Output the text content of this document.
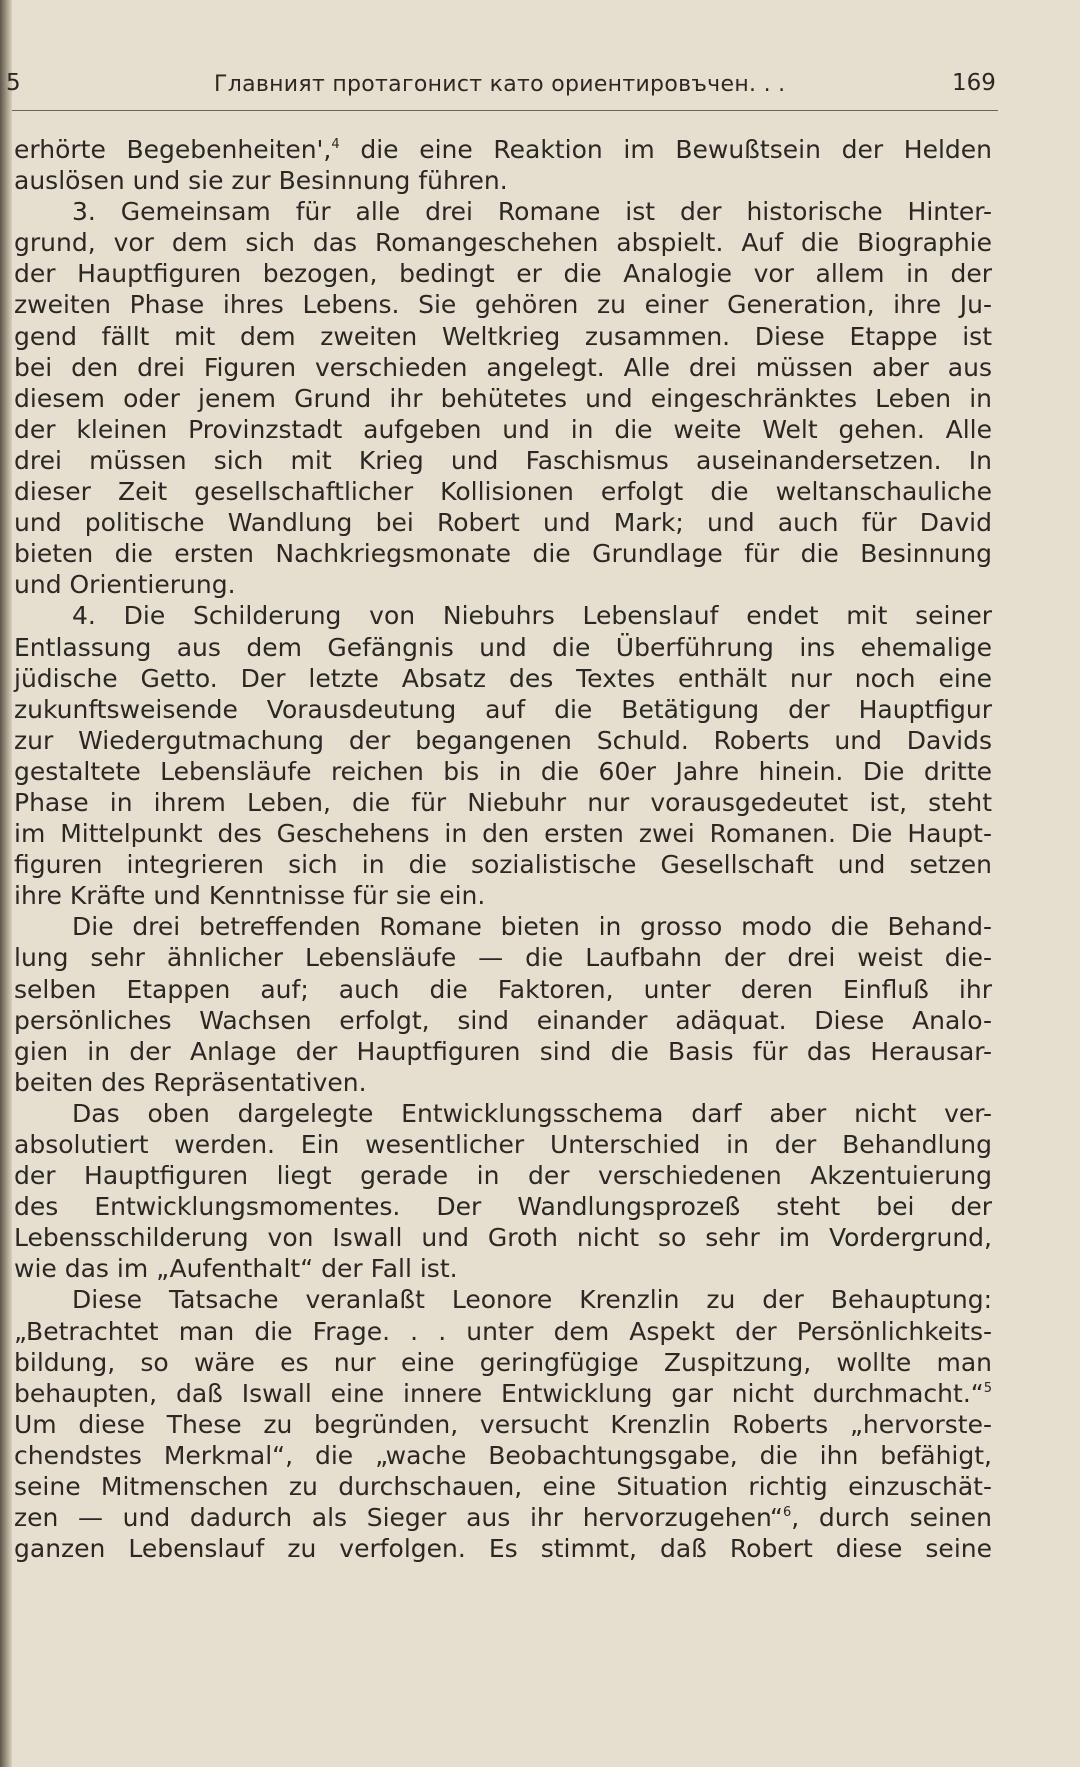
5	Главният протагонист като ориентировъчен. . .	169
erhörte Begebenheiten',$^4$ die eine Reaktion im Bewußtsein der Helden
auslösen und sie zur Besinnung führen.
3. Gemeinsam für alle drei Romane ist der historische Hinter-
grund, vor dem sich das Romangeschehen abspielt. Auf die Biographie
der Hauptfiguren bezogen, bedingt er die Analogie vor allem in der
zweiten Phase ihres Lebens. Sie gehören zu einer Generation, ihre Ju-
gend fällt mit dem zweiten Weltkrieg zusammen. Diese Etappe ist
bei den drei Figuren verschieden angelegt. Alle drei müssen aber aus
diesem oder jenem Grund ihr behütetes und eingeschränktes Leben in
der kleinen Provinzstadt aufgeben und in die weite Welt gehen. Alle
drei müssen sich mit Krieg und Faschismus auseinandersetzen. In
dieser Zeit gesellschaftlicher Kollisionen erfolgt die weltanschauliche
und politische Wandlung bei Robert und Mark; und auch für David
bieten die ersten Nachkriegsmonate die Grundlage für die Besinnung
und Orientierung.
4. Die Schilderung von Niebuhrs Lebenslauf endet mit seiner
Entlassung aus dem Gefängnis und die Überführung ins ehemalige
jüdische Getto. Der letzte Absatz des Textes enthält nur noch eine
zukunftsweisende Vorausdeutung auf die Betätigung der Hauptfigur
zur Wiedergutmachung der begangenen Schuld. Roberts und Davids
gestaltete Lebensläufe reichen bis in die 60er Jahre hinein. Die dritte
Phase in ihrem Leben, die für Niebuhr nur vorausgedeutet ist, steht
im Mittelpunkt des Geschehens in den ersten zwei Romanen. Die Haupt-
figuren integrieren sich in die sozialistische Gesellschaft und setzen
ihre Kräfte und Kenntnisse für sie ein.
Die drei betreffenden Romane bieten in grosso modo die Behand-
lung sehr ähnlicher Lebensläufe — die Laufbahn der drei weist die-
selben Etappen auf; auch die Faktoren, unter deren Einfluß ihr
persönliches Wachsen erfolgt, sind einander adäquat. Diese Analo-
gien in der Anlage der Hauptfiguren sind die Basis für das Herausar-
beiten des Repräsentativen.
Das oben dargelegte Entwicklungsschema darf aber nicht ver-
absolutiert werden. Ein wesentlicher Unterschied in der Behandlung
der Hauptfiguren liegt gerade in der verschiedenen Akzentuierung
des Entwicklungsmomentes. Der Wandlungsprozeß steht bei der
Lebensschilderung von Iswall und Groth nicht so sehr im Vordergrund,
wie das im „Aufenthalt“ der Fall ist.
Diese Tatsache veranlaßt Leonore Krenzlin zu der Behauptung:
„Betrachtet man die Frage. . . unter dem Aspekt der Persönlichkeits-
bildung, so wäre es nur eine geringfügige Zuspitzung, wollte man
behaupten, daß Iswall eine innere Entwicklung gar nicht durchmacht.“$^5$
Um diese These zu begründen, versucht Krenzlin Roberts „hervorste-
chendstes Merkmal“, die „wache Beobachtungsgabe, die ihn befähigt,
seine Mitmenschen zu durchschauen, eine Situation richtig einzuschät-
zen — und dadurch als Sieger aus ihr hervorzugehen“$^6$, durch seinen
ganzen Lebenslauf zu verfolgen. Es stimmt, daß Robert diese seine
